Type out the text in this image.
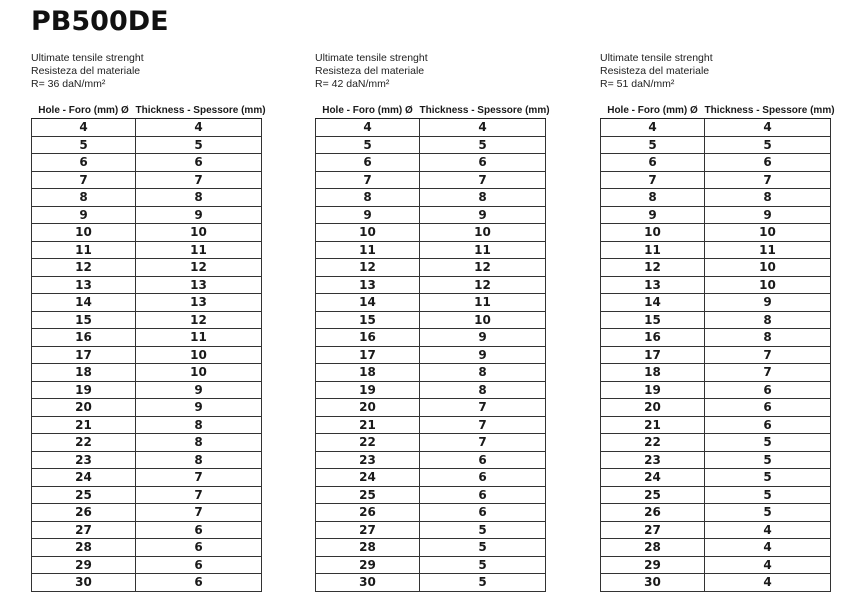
PB500DE
Ultimate tensile strenght
Resisteza del materiale
R= 36 daN/mm²
Hole - Foro (mm) Ø	Thickness - Spessore (mm)
4	4
5	5
6	6
7	7
8	8
9	9
10	10
11	11
12	12
13	13
14	13
15	12
16	11
17	10
18	10
19	9
20	9
21	8
22	8
23	8
24	7
25	7
26	7
27	6
28	6
29	6
30	6
Ultimate tensile strenght
Resisteza del materiale
R= 42 daN/mm²
Hole - Foro (mm) Ø	Thickness - Spessore (mm)
4	4
5	5
6	6
7	7
8	8
9	9
10	10
11	11
12	12
13	12
14	11
15	10
16	9
17	9
18	8
19	8
20	7
21	7
22	7
23	6
24	6
25	6
26	6
27	5
28	5
29	5
30	5
Ultimate tensile strenght
Resisteza del materiale
R= 51 daN/mm²
Hole - Foro (mm) Ø	Thickness - Spessore (mm)
4	4
5	5
6	6
7	7
8	8
9	9
10	10
11	11
12	10
13	10
14	9
15	8
16	8
17	7
18	7
19	6
20	6
21	6
22	5
23	5
24	5
25	5
26	5
27	4
28	4
29	4
30	4
